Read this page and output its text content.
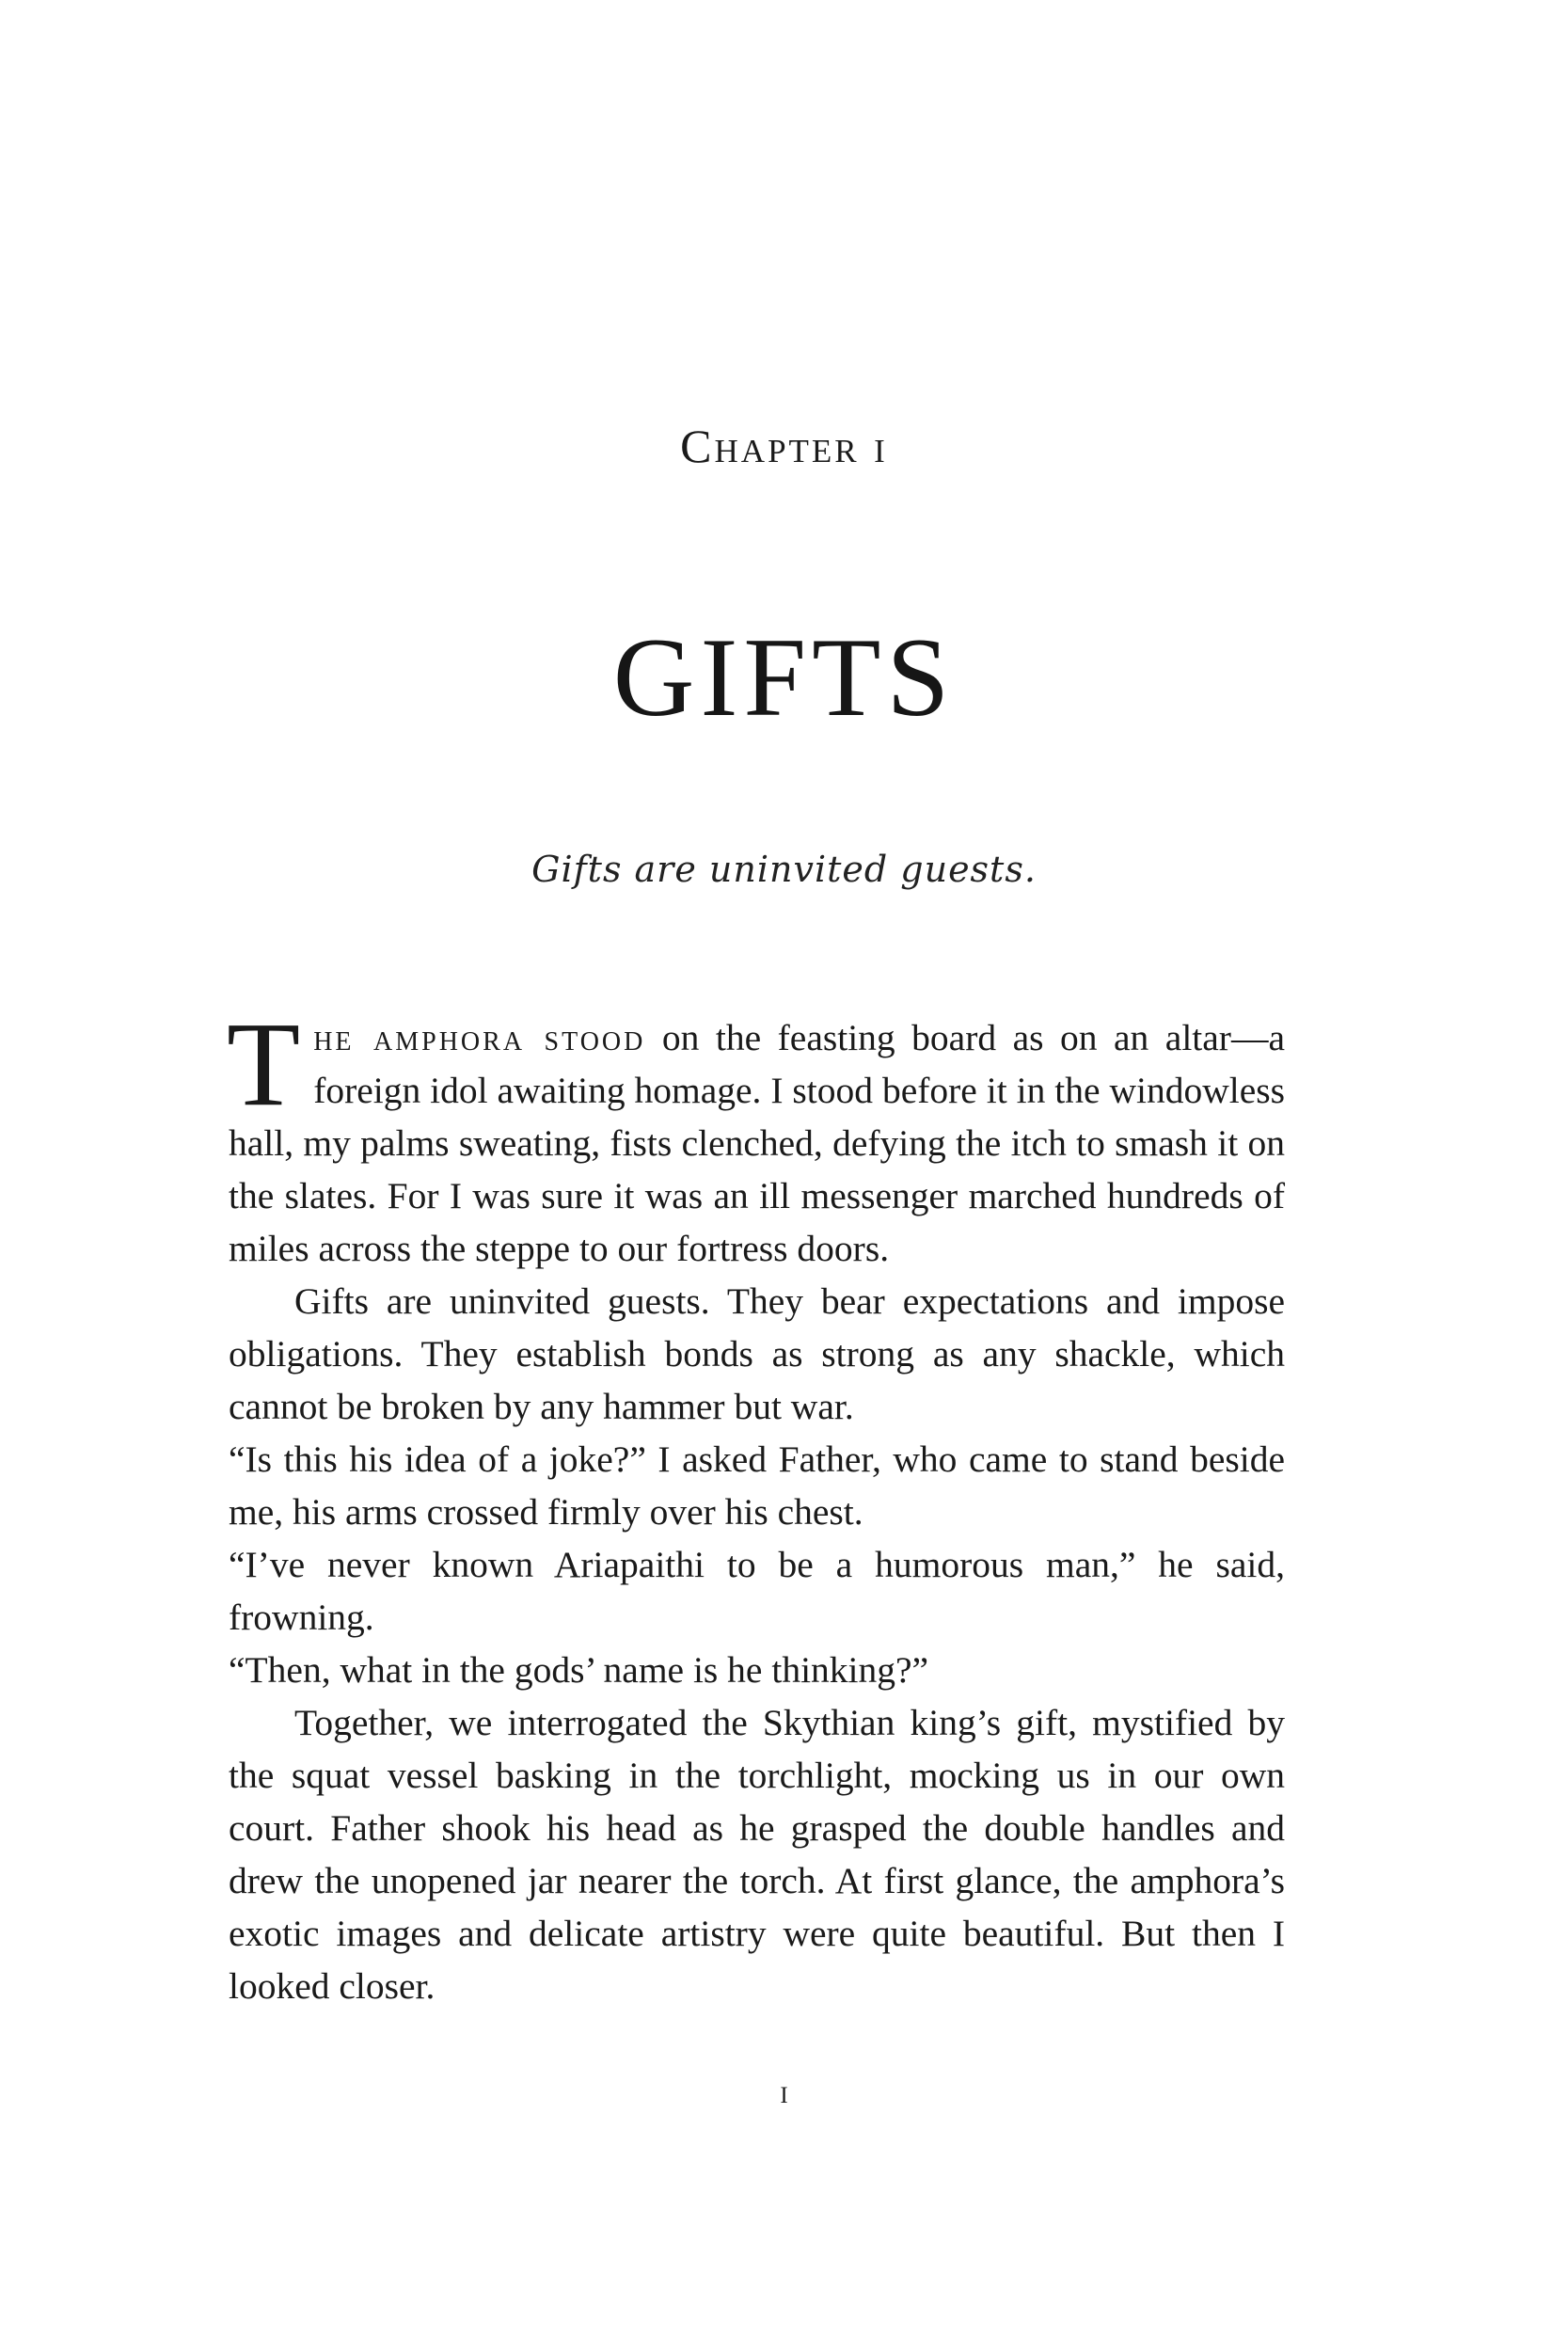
Chapter i
GIFTS
Gifts are uninvited guests.

The amphora stood on the feasting board as on an altar—a foreign idol awaiting homage. I stood before it in the windowless hall, my palms sweating, fists clenched, defying the itch to smash it on the slates. For I was sure it was an ill messenger marched hundreds of miles across the steppe to our fortress doors.

Gifts are uninvited guests. They bear expectations and impose obligations. They establish bonds as strong as any shackle, which cannot be broken by any hammer but war.

“Is this his idea of a joke?” I asked Father, who came to stand beside me, his arms crossed firmly over his chest.

“I’ve never known Ariapaithi to be a humorous man,” he said, frowning.

“Then, what in the gods’ name is he thinking?”

Together, we interrogated the Skythian king’s gift, mystified by the squat vessel basking in the torchlight, mocking us in our own court. Father shook his head as he grasped the double handles and drew the unopened jar nearer the torch. At first glance, the amphora’s exotic images and delicate artistry were quite beautiful. But then I looked closer.

i
